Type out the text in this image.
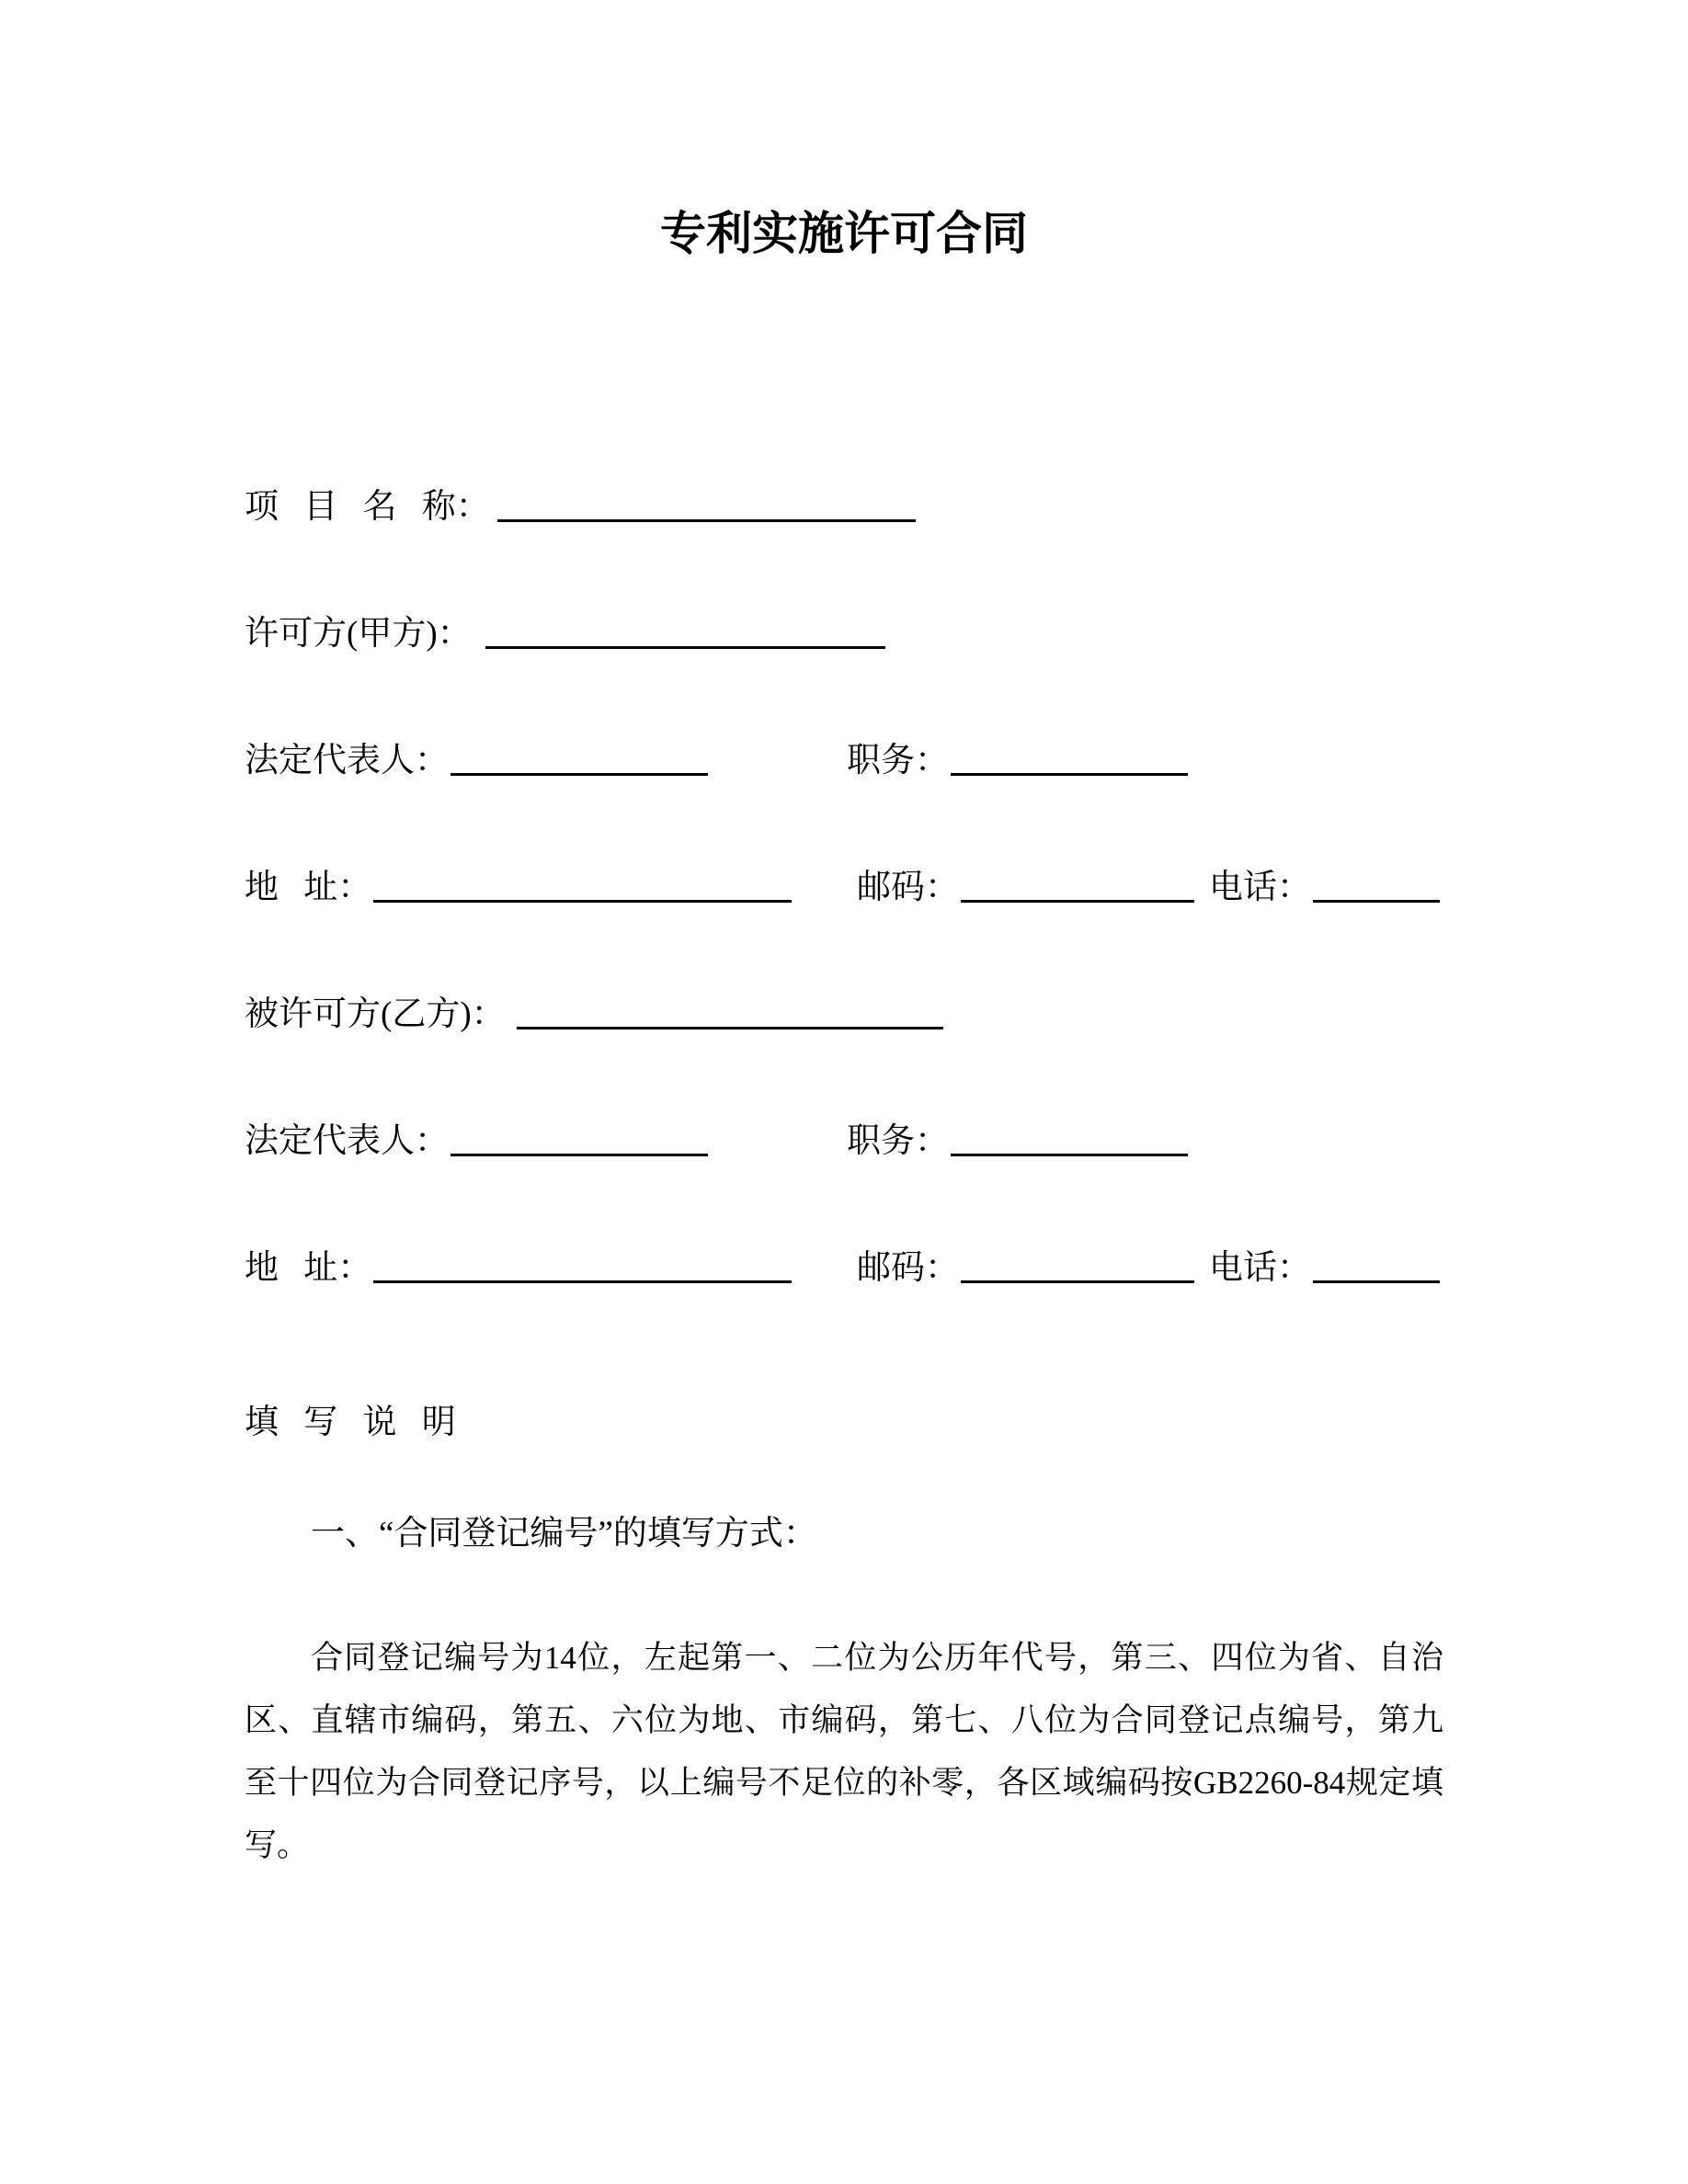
专利实施许可合同
项 目 名 称：
许可方(甲方)：
法定代表人：	职务：
地 址：	邮码：	电话：
被许可方(乙方)：
法定代表人：	职务：
地 址：	邮码：	电话：
填 写 说 明
一、“合同登记编号”的填写方式：
合同登记编号为14位，左起第一、二位为公历年代号，第三、四位为省、自治
区、直辖市编码，第五、六位为地、市编码，第七、八位为合同登记点编号，第九
至十四位为合同登记序号，以上编号不足位的补零，各区域编码按GB2260-84规定填
写。
